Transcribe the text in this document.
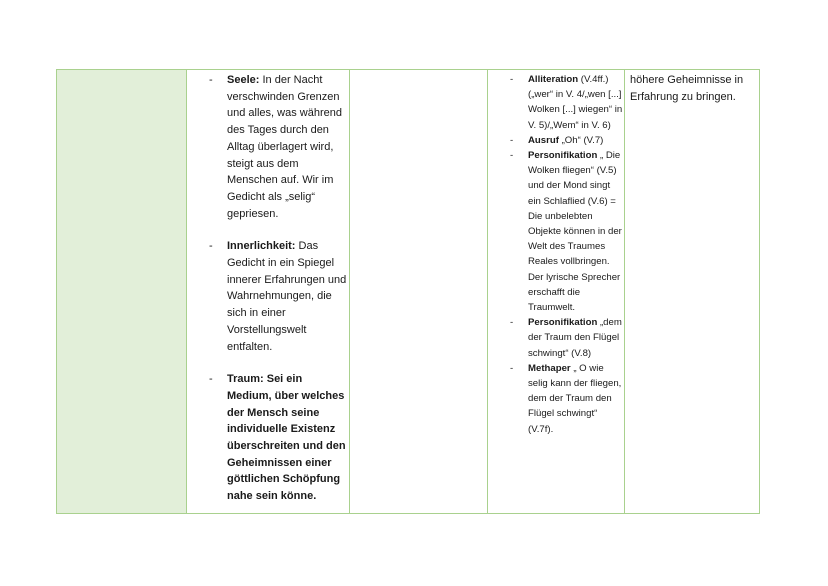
- Seele: In der Nacht verschwinden Grenzen und alles, was während des Tages durch den Alltag überlagert wird, steigt aus dem Menschen auf. Wir im Gedicht als „selig“ gepriesen.
- Innerlichkeit: Das Gedicht in ein Spiegel innerer Erfahrungen und Wahrnehmungen, die sich in einer Vorstellungswelt entfalten.
- Traum: Sei ein Medium, über welches der Mensch seine individuelle Existenz überschreiten und den Geheimnissen einer göttlichen Schöpfung nahe sein könne.
- Alliteration (V.4ff.) („wer“ in V. 4/„wen [...] Wolken [...] wiegen“ in V. 5)/„Wem“ in V. 6)
- Ausruf „Oh“ (V.7)
- Personifikation „ Die Wolken fliegen“ (V.5) und der Mond singt ein Schlaflied (V.6) = Die unbelebten Objekte können in der Welt des Traumes Reales vollbringen. Der lyrische Sprecher erschafft die Traumwelt.
- Personifikation „dem der Traum den Flügel schwingt“ (V.8)
- Methaper „ O wie selig kann der fliegen, dem der Traum den Flügel schwingt“ (V.7f).

höhere Geheimnisse in Erfahrung zu bringen.
